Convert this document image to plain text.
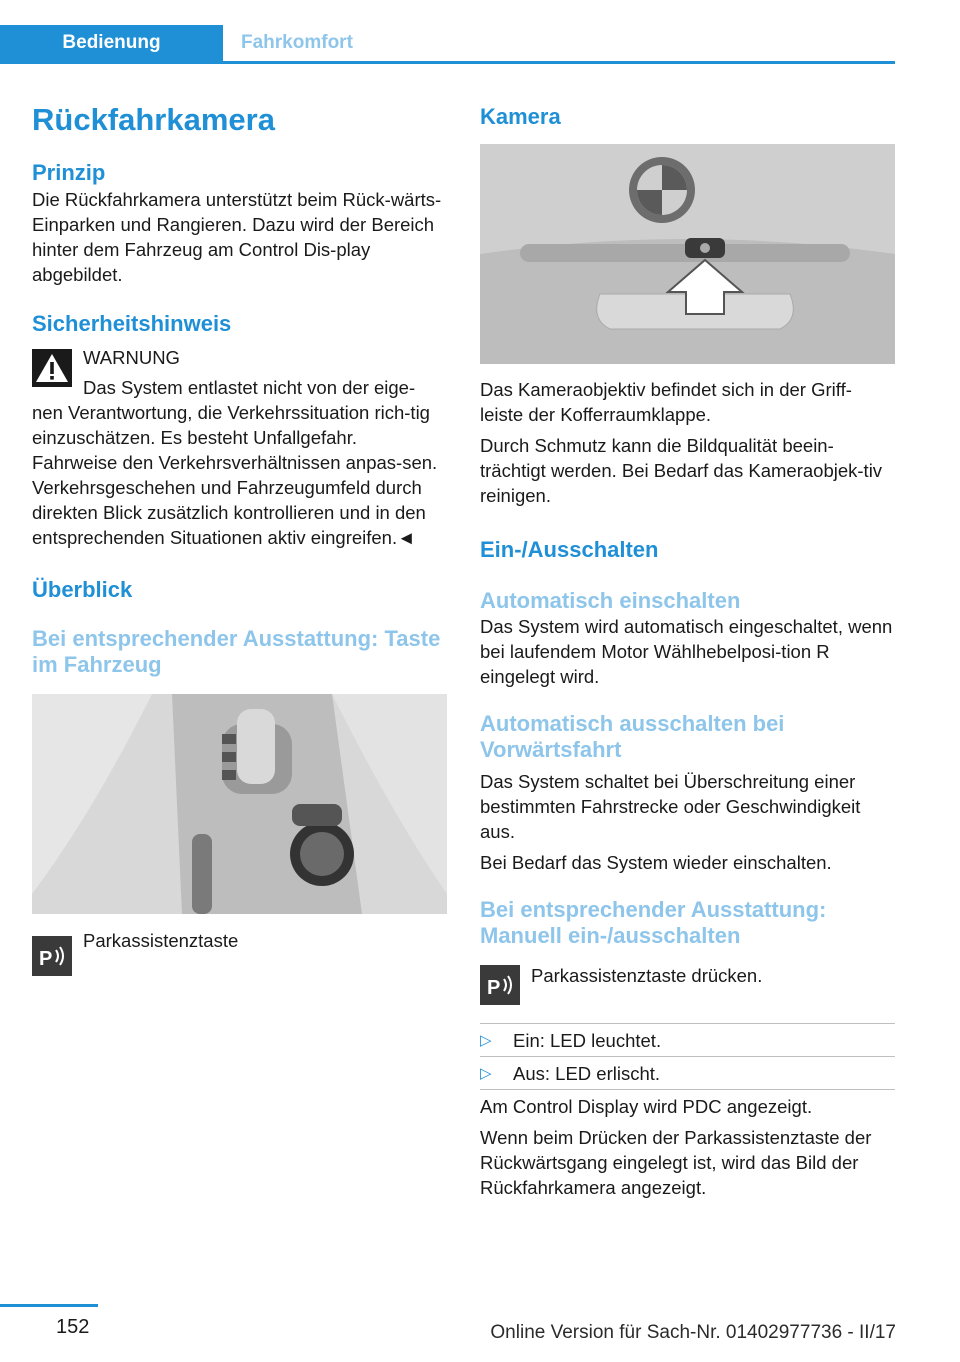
Bedienung	Fahrkomfort
Rückfahrkamera
Prinzip

Die Rückfahrkamera unterstützt beim Rück-wärts-Einparken und Rangieren. Dazu wird der Bereich hinter dem Fahrzeug am Control Dis-play abgebildet.

Sicherheitshinweis
WARNUNG
Das System entlastet nicht von der eige-
nen Verantwortung, die Verkehrssituation rich-tig einzuschätzen. Es besteht Unfallgefahr. Fahrweise den Verkehrsverhältnissen anpas-sen. Verkehrsgeschehen und Fahrzeugumfeld durch direkten Blick zusätzlich kontrollieren und in den entsprechenden Situationen aktiv eingreifen.◄
Überblick
Bei entsprechender Ausstattung: Taste im Fahrzeug
P

Parkassistenztaste

Kamera

Das Kameraobjektiv befindet sich in der Griff-leiste der Kofferraumklappe.

Durch Schmutz kann die Bildqualität beein-trächtigt werden. Bei Bedarf das Kameraobjek-tiv reinigen.

Ein-/Ausschalten
Automatisch einschalten

Das System wird automatisch eingeschaltet, wenn bei laufendem Motor Wählhebelposi-tion R eingelegt wird.

Automatisch ausschalten bei Vorwärtsfahrt

Das System schaltet bei Überschreitung einer bestimmten Fahrstrecke oder Geschwindigkeit aus.

Bei Bedarf das System wieder einschalten.

Bei entsprechender Ausstattung: Manuell ein-/ausschalten
P

Parkassistenztaste drücken.

▷ Ein: LED leuchtet.
▷ Aus: LED erlischt.

Am Control Display wird PDC angezeigt.

Wenn beim Drücken der Parkassistenztaste der Rückwärtsgang eingelegt ist, wird das Bild der Rückfahrkamera angezeigt.

152	Online Version für Sach-Nr. 01402977736 - II/17
